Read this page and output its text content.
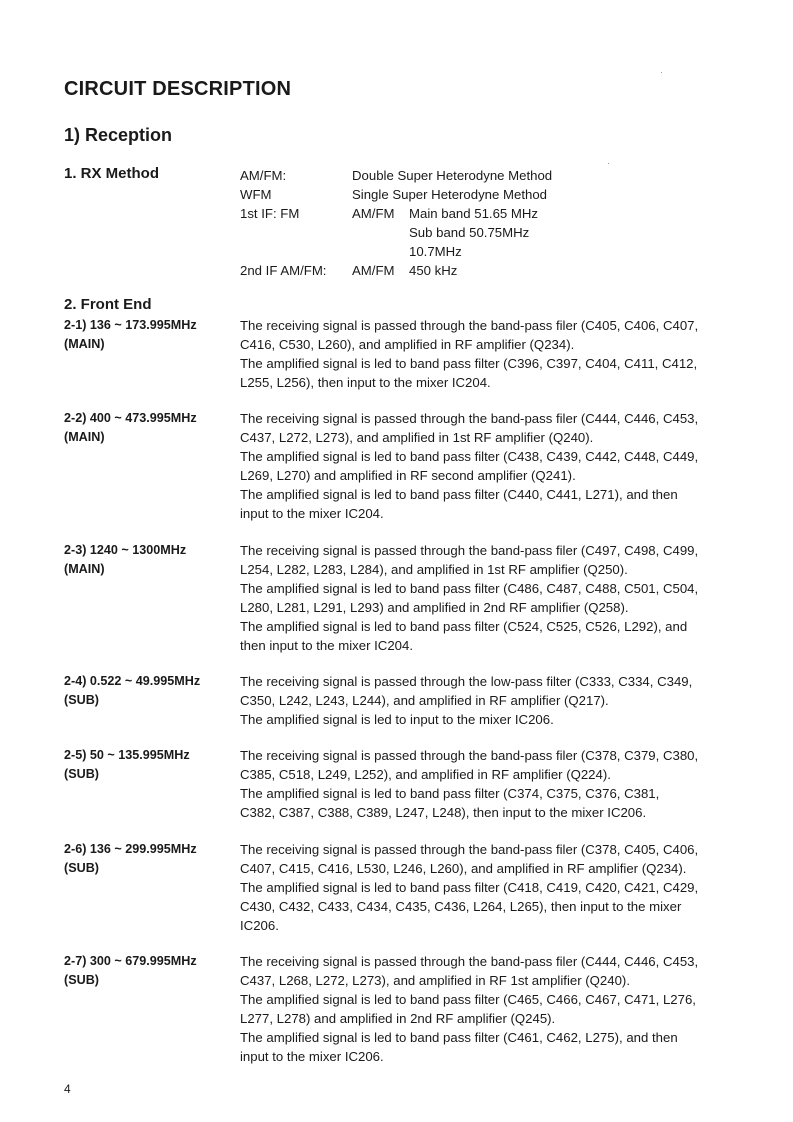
CIRCUIT DESCRIPTION
1) Reception
1. RX Method	AM/FM:	Double Super Heterodyne Method
WFM	Single Super Heterodyne Method
1st IF: FM	AM/FM Main band 51.65 MHz
Sub band 50.75MHz
10.7MHz
2nd IF AM/FM: AM/FM 450 kHz
2. Front End
2-1) 136 ~ 173.995MHz
(MAIN)
The receiving signal is passed through the band-pass filer (C405, C406, C407,
C416, C530, L260), and amplified in RF amplifier (Q234).
The amplified signal is led to band pass filter (C396, C397, C404, C411, C412,
L255, L256), then input to the mixer IC204.
2-2) 400 ~ 473.995MHz
(MAIN)
The receiving signal is passed through the band-pass filer (C444, C446, C453,
C437, L272, L273), and amplified in 1st RF amplifier (Q240).
The amplified signal is led to band pass filter (C438, C439, C442, C448, C449,
L269, L270) and amplified in RF second amplifier (Q241).
The amplified signal is led to band pass filter (C440, C441, L271), and then
input to the mixer IC204.
2-3) 1240 ~ 1300MHz
(MAIN)
The receiving signal is passed through the band-pass filer (C497, C498, C499,
L254, L282, L283, L284), and amplified in 1st RF amplifier (Q250).
The amplified signal is led to band pass filter (C486, C487, C488, C501, C504,
L280, L281, L291, L293) and amplified in 2nd RF amplifier (Q258).
The amplified signal is led to band pass filter (C524, C525, C526, L292), and
then input to the mixer IC204.
2-4) 0.522 ~ 49.995MHz
(SUB)
The receiving signal is passed through the low-pass filter (C333, C334, C349,
C350, L242, L243, L244), and amplified in RF amplifier (Q217).
The amplified signal is led to input to the mixer IC206.
2-5) 50 ~ 135.995MHz
(SUB)
The receiving signal is passed through the band-pass filer (C378, C379, C380,
C385, C518, L249, L252), and amplified in RF amplifier (Q224).
The amplified signal is led to band pass filter (C374, C375, C376, C381,
C382, C387, C388, C389, L247, L248), then input to the mixer IC206.
2-6) 136 ~ 299.995MHz
(SUB)
The receiving signal is passed through the band-pass filer (C378, C405, C406,
C407, C415, C416, L530, L246, L260), and amplified in RF amplifier (Q234).
The amplified signal is led to band pass filter (C418, C419, C420, C421, C429,
C430, C432, C433, C434, C435, C436, L264, L265), then input to the mixer
IC206.
2-7) 300 ~ 679.995MHz
(SUB)
The receiving signal is passed through the band-pass filer (C444, C446, C453,
C437, L268, L272, L273), and amplified in RF 1st amplifier (Q240).
The amplified signal is led to band pass filter (C465, C466, C467, C471, L276,
L277, L278) and amplified in 2nd RF amplifier (Q245).
The amplified signal is led to band pass filter (C461, C462, L275), and then
input to the mixer IC206.
4
